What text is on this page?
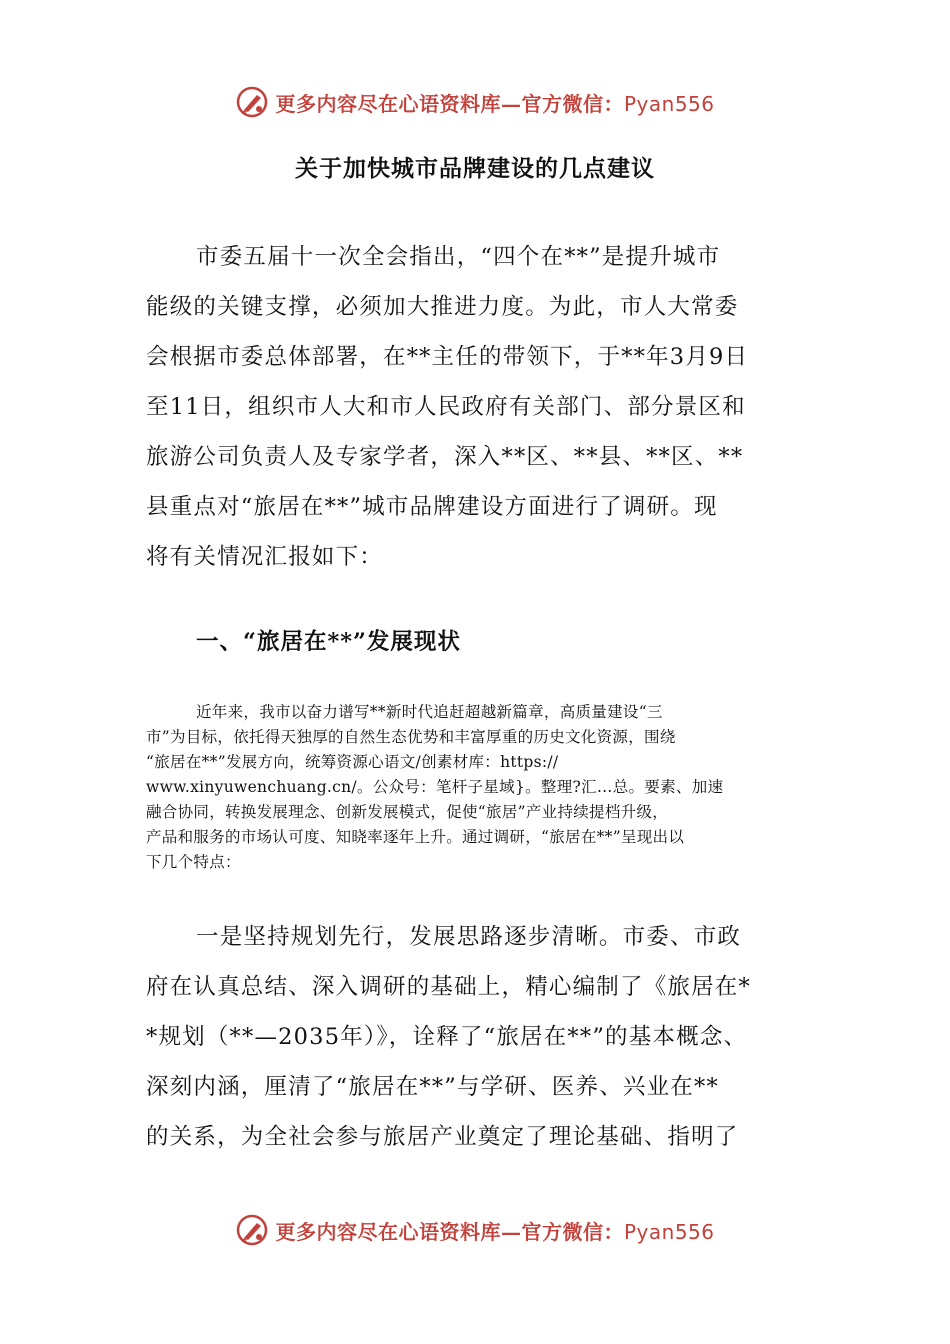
更多内容尽在心语资料库—官方微信：Pyan556
关于加快城市品牌建设的几点建议
市委五届十一次全会指出，“四个在**”是提升城市
能级的关键支撑，必须加大推进力度。为此，市人大常委
会根据市委总体部署，在**主任的带领下，于**年3月9日
至11日，组织市人大和市人民政府有关部门、部分景区和
旅游公司负责人及专家学者，深入**区、**县、**区、**
县重点对“旅居在**”城市品牌建设方面进行了调研。现
将有关情况汇报如下：
一、“旅居在**”发展现状
近年来，我市以奋力谱写**新时代追赶超越新篇章，高质量建设“三
市”为目标，依托得天独厚的自然生态优势和丰富厚重的历史文化资源，围绕
“旅居在**”发展方向，统筹资源心语文/创素材库：https://
www.xinyuwenchuang.cn/。公众号：笔杆子星域}。整理?汇…总。要素、加速
融合协同，转换发展理念、创新发展模式，促使“旅居”产业持续提档升级，
产品和服务的市场认可度、知晓率逐年上升。通过调研，“旅居在**”呈现出以
下几个特点：
一是坚持规划先行，发展思路逐步清晰。市委、市政
府在认真总结、深入调研的基础上，精心编制了《旅居在*
*规划（**—2035年）》，诠释了“旅居在**”的基本概念、
深刻内涵，厘清了“旅居在**”与学研、医养、兴业在**
的关系，为全社会参与旅居产业奠定了理论基础、指明了
更多内容尽在心语资料库—官方微信：Pyan556
